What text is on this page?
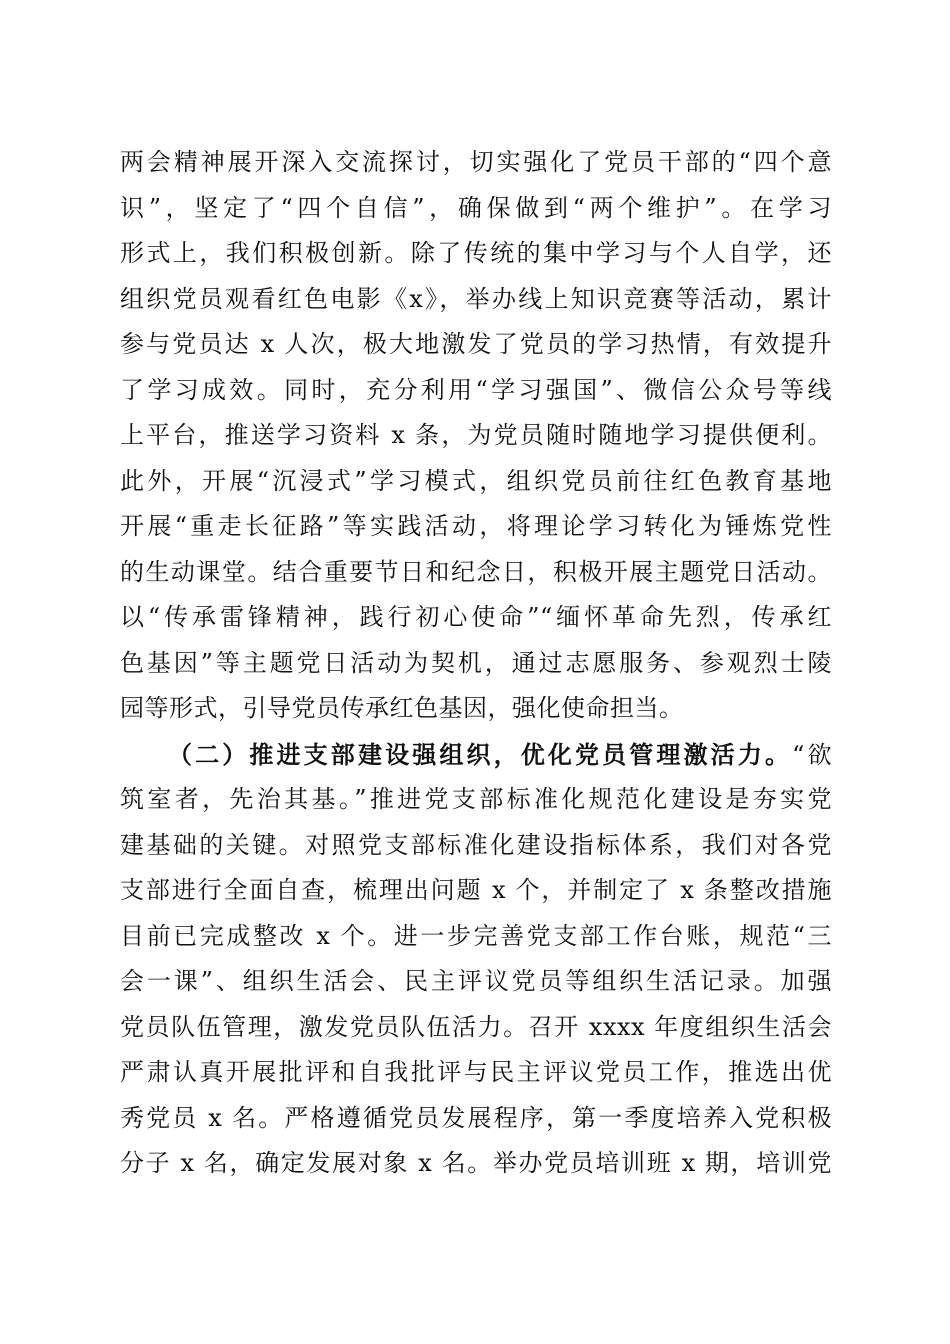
两会精神展开深入交流探讨，切实强化了党员干部的“四个意
识”，坚定了“四个自信”，确保做到“两个维护”。在学习
形式上，我们积极创新。除了传统的集中学习与个人自学，还
组织党员观看红色电影《x》，举办线上知识竞赛等活动，累计
参与党员达 x 人次，极大地激发了党员的学习热情，有效提升
了学习成效。同时，充分利用“学习强国”、微信公众号等线
上平台，推送学习资料 x 条，为党员随时随地学习提供便利。
此外，开展“沉浸式”学习模式，组织党员前往红色教育基地
开展“重走长征路”等实践活动，将理论学习转化为锤炼党性
的生动课堂。结合重要节日和纪念日，积极开展主题党日活动。
以“传承雷锋精神，践行初心使命”“缅怀革命先烈，传承红
色基因”等主题党日活动为契机，通过志愿服务、参观烈士陵
园等形式，引导党员传承红色基因，强化使命担当。
（二）推进支部建设强组织，优化党员管理激活力。“欲
筑室者，先治其基。”推进党支部标准化规范化建设是夯实党
建基础的关键。对照党支部标准化建设指标体系，我们对各党
支部进行全面自查，梳理出问题 x 个，并制定了 x 条整改措施
目前已完成整改 x 个。进一步完善党支部工作台账，规范“三
会一课”、组织生活会、民主评议党员等组织生活记录。加强
党员队伍管理，激发党员队伍活力。召开 xxxx 年度组织生活会
严肃认真开展批评和自我批评与民主评议党员工作，推选出优
秀党员 x 名。严格遵循党员发展程序，第一季度培养入党积极
分子 x 名，确定发展对象 x 名。举办党员培训班 x 期，培训党
